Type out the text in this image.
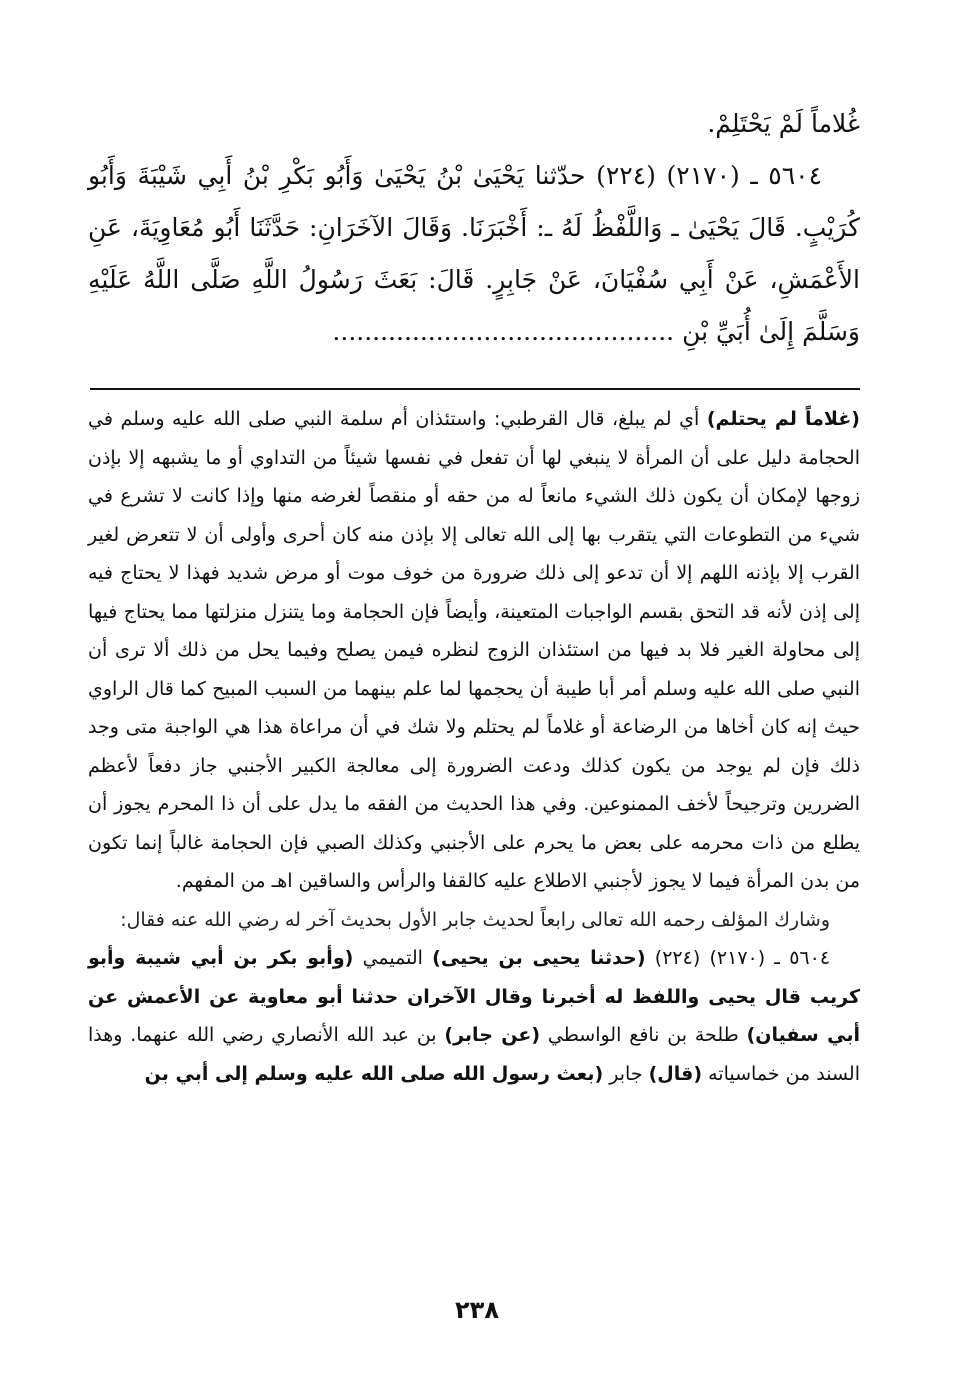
غُلاماً لَمْ يَحْتَلِمْ.

٥٦٠٤ ـ (٢١٧٠) (٢٢٤) حدّثنا يَحْيَىٰ بْنُ يَحْيَىٰ وَأَبُو بَكْرِ بْنُ أَبِي شَيْبَةَ وَأَبُو كُرَيْبٍ. قَالَ يَحْيَىٰ ـ وَاللَّفْظُ لَهُ ـ: أَخْبَرَنَا. وَقَالَ الآخَرَانِ: حَدَّثَنَا أَبُو مُعَاوِيَةَ، عَنِ الأَعْمَشِ، عَنْ أَبِي سُفْيَانَ، عَنْ جَابِرٍ. قَالَ: بَعَثَ رَسُولُ اللَّهِ صَلَّى اللَّهُ عَلَيْهِ وَسَلَّمَ إِلَىٰ أُبَيِّ بْنِ ...........................................

(غلاماً لم يحتلم) أي لم يبلغ، قال القرطبي: واستئذان أم سلمة النبي صلى الله عليه وسلم في الحجامة دليل على أن المرأة لا ينبغي لها أن تفعل في نفسها شيئاً من التداوي أو ما يشبهه إلا بإذن زوجها لإمكان أن يكون ذلك الشيء مانعاً له من حقه أو منقصاً لغرضه منها وإذا كانت لا تشرع في شيء من التطوعات التي يتقرب بها إلى الله تعالى إلا بإذن منه كان أحرى وأولى أن لا تتعرض لغير القرب إلا بإذنه اللهم إلا أن تدعو إلى ذلك ضرورة من خوف موت أو مرض شديد فهذا لا يحتاج فيه إلى إذن لأنه قد التحق بقسم الواجبات المتعينة، وأيضاً فإن الحجامة وما يتنزل منزلتها مما يحتاج فيها إلى محاولة الغير فلا بد فيها من استئذان الزوج لنظره فيمن يصلح وفيما يحل من ذلك ألا ترى أن النبي صلى الله عليه وسلم أمر أبا طيبة أن يحجمها لما علم بينهما من السبب المبيح كما قال الراوي حيث إنه كان أخاها من الرضاعة أو غلاماً لم يحتلم ولا شك في أن مراعاة هذا هي الواجبة متى وجد ذلك فإن لم يوجد من يكون كذلك ودعت الضرورة إلى معالجة الكبير الأجنبي جاز دفعاً لأعظم الضررين وترجيحاً لأخف الممنوعين. وفي هذا الحديث من الفقه ما يدل على أن ذا المحرم يجوز أن يطلع من ذات محرمه على بعض ما يحرم على الأجنبي وكذلك الصبي فإن الحجامة غالباً إنما تكون من بدن المرأة فيما لا يجوز لأجنبي الاطلاع عليه كالقفا والرأس والساقين اهـ من المفهم.

وشارك المؤلف رحمه الله تعالى رابعاً لحديث جابر الأول بحديث آخر له رضي الله عنه فقال:

٥٦٠٤ ـ (٢١٧٠) (٢٢٤) (حدثنا يحيى بن يحيى) التميمي (وأبو بكر بن أبي شيبة وأبو كريب قال يحيى واللفظ له أخبرنا وقال الآخران حدثنا أبو معاوية عن الأعمش عن أبي سفيان) طلحة بن نافع الواسطي (عن جابر) بن عبد الله الأنصاري رضي الله عنهما. وهذا السند من خماسياته (قال) جابر (بعث رسول الله صلى الله عليه وسلم إلى أبي بن

٢٣٨
